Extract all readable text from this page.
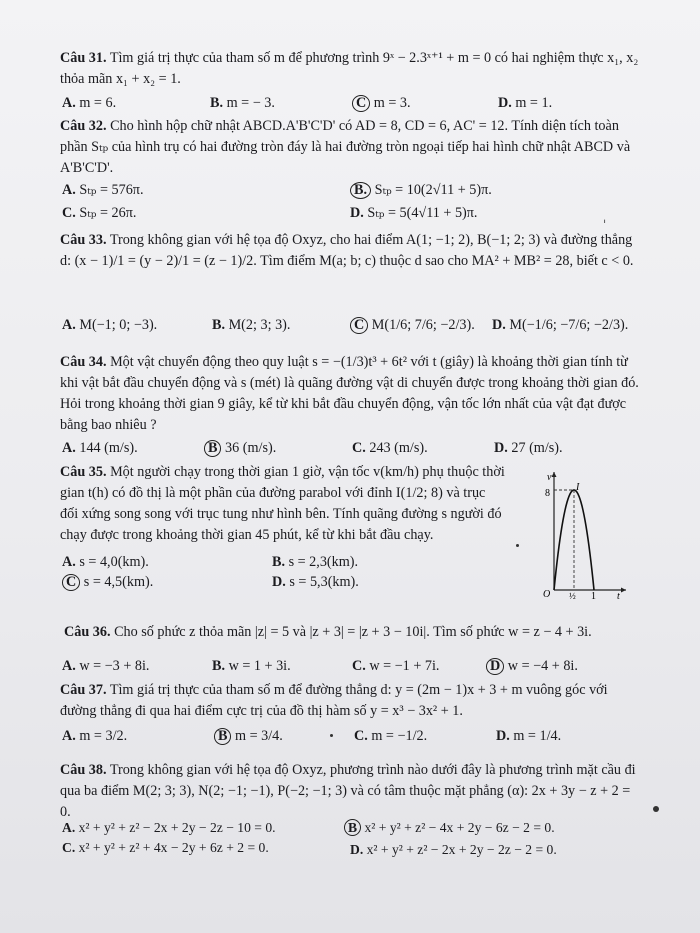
Câu 31. Tìm giá trị thực của tham số m để phương trình 9ˣ − 2.3ˣ⁺¹ + m = 0 có hai nghiệm thực x₁, x₂ thỏa mãn x₁ + x₂ = 1.
A. m = 6.	B. m = − 3.	C m = 3.	D. m = 1.
Câu 32. Cho hình hộp chữ nhật ABCD.A'B'C'D' có AD = 8, CD = 6, AC' = 12. Tính diện tích toàn phần Sₜₚ của hình trụ có hai đường tròn đáy là hai đường tròn ngoại tiếp hai hình chữ nhật ABCD và A'B'C'D'.
A. Sₜₚ = 576π.	B. Sₜₚ = 10(2√11 + 5)π.
C. Sₜₚ = 26π.	D. Sₜₚ = 5(4√11 + 5)π.
Câu 33. Trong không gian với hệ tọa độ Oxyz, cho hai điểm A(1; −1; 2), B(−1; 2; 3) và đường thẳng d: (x − 1)/1 = (y − 2)/1 = (z − 1)/2. Tìm điểm M(a; b; c) thuộc d sao cho MA² + MB² = 28, biết c < 0.
A. M(−1; 0; −3).	B. M(2; 3; 3).	C M(1/6; 7/6; −2/3). D. M(−1/6; −7/6; −2/3).
Câu 34. Một vật chuyển động theo quy luật s = −(1/3)t³ + 6t² với t (giây) là khoảng thời gian tính từ khi vật bắt đầu chuyển động và s (mét) là quãng đường vật di chuyển được trong khoảng thời gian đó. Hỏi trong khoảng thời gian 9 giây, kể từ khi bắt đầu chuyển động, vận tốc lớn nhất của vật đạt được bằng bao nhiêu ?
A. 144 (m/s).	B 36 (m/s).	C. 243 (m/s).	D. 27 (m/s).
Câu 35. Một người chạy trong thời gian 1 giờ, vận tốc v(km/h) phụ thuộc thời gian t(h) có đồ thị là một phần của đường parabol với đỉnh I(1/2; 8) và trục đối xứng song song với trục tung như hình bên. Tính quãng đường s người đó chạy được trong khoảng thời gian 45 phút, kể từ khi bắt đầu chạy.
A. s = 4,0(km).	B. s = 2,3(km).
C s = 4,5(km).	D. s = 5,3(km).
v
8
I
O ½ 1 t
Câu 36. Cho số phức z thỏa mãn |z| = 5 và |z + 3| = |z + 3 − 10i|. Tìm số phức w = z − 4 + 3i.
A. w = −3 + 8i.	B. w = 1 + 3i.	C. w = −1 + 7i.	D w = −4 + 8i.
Câu 37. Tìm giá trị thực của tham số m để đường thẳng d: y = (2m − 1)x + 3 + m vuông góc với đường thẳng đi qua hai điểm cực trị của đồ thị hàm số y = x³ − 3x² + 1.
A. m = 3/2.	B m = 3/4.	C. m = −1/2.	D. m = 1/4.
Câu 38. Trong không gian với hệ tọa độ Oxyz, phương trình nào dưới đây là phương trình mặt cầu đi qua ba điểm M(2; 3; 3), N(2; −1; −1), P(−2; −1; 3) và có tâm thuộc mặt phẳng (α): 2x + 3y − z + 2 = 0.
A. x² + y² + z² − 2x + 2y − 2z − 10 = 0.	B x² + y² + z² − 4x + 2y − 6z − 2 = 0.
C. x² + y² + z² + 4x − 2y + 6z + 2 = 0.	D. x² + y² + z² − 2x + 2y − 2z − 2 = 0.
ˌ
